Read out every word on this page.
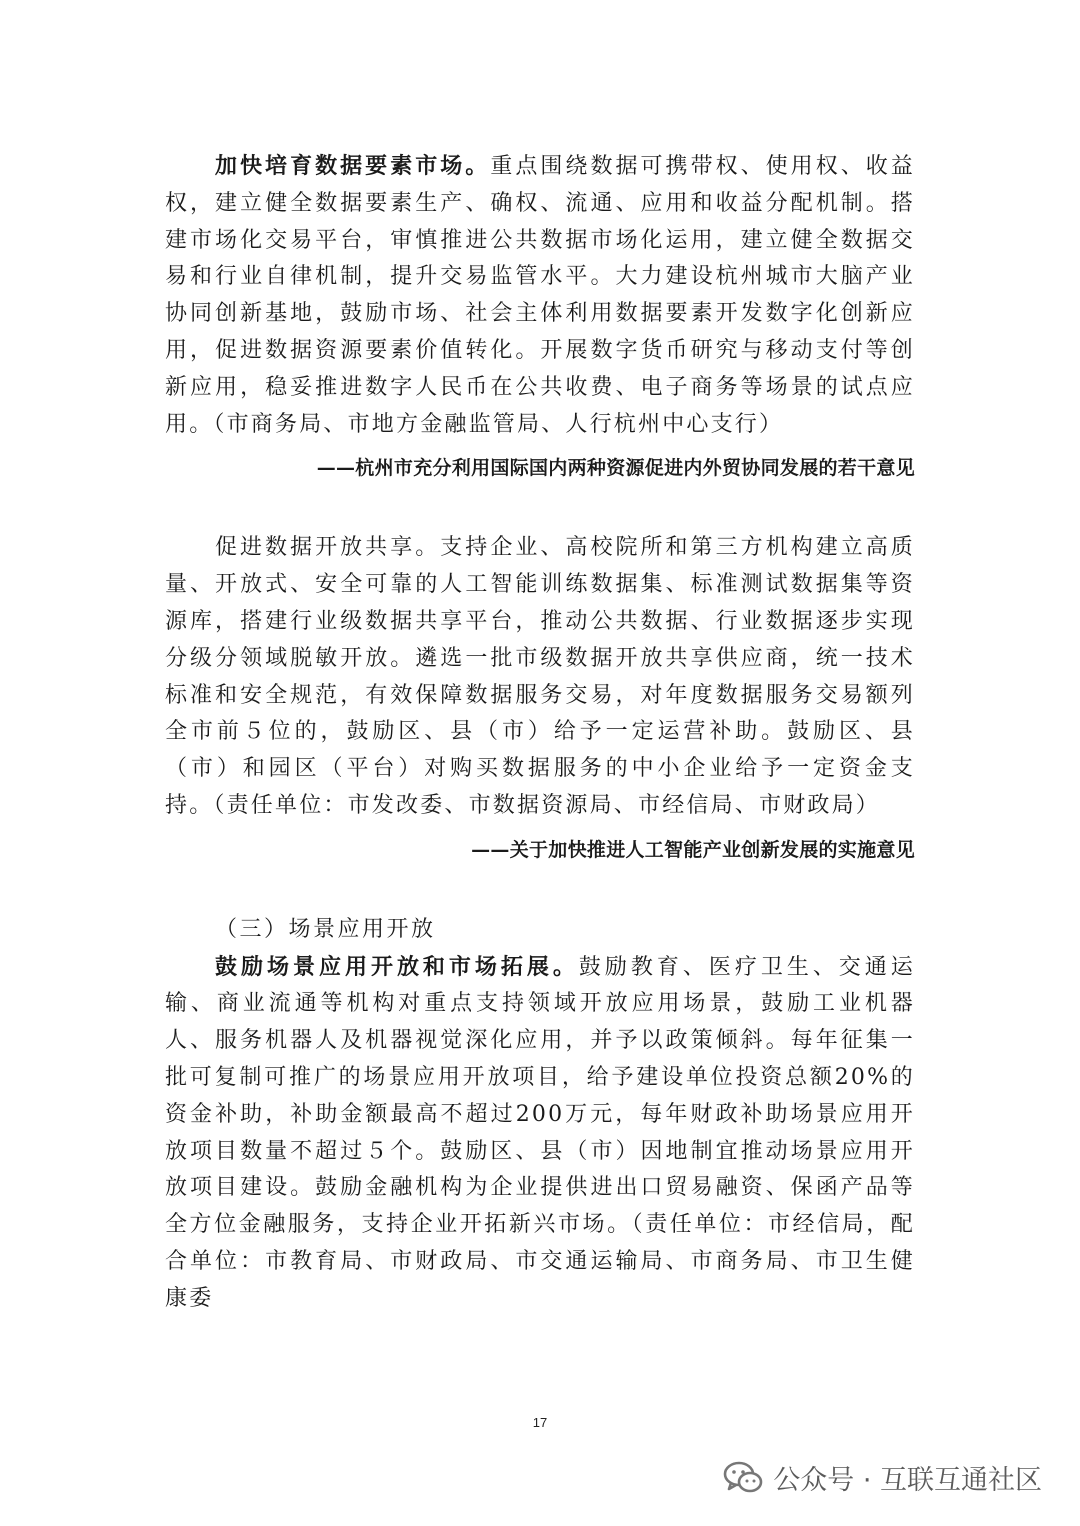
加快培育数据要素市场。重点围绕数据可携带权、使用权、收益权，建立健全数据要素生产、确权、流通、应用和收益分配机制。搭建市场化交易平台，审慎推进公共数据市场化运用，建立健全数据交易和行业自律机制，提升交易监管水平。大力建设杭州城市大脑产业协同创新基地，鼓励市场、社会主体利用数据要素开发数字化创新应用，促进数据资源要素价值转化。开展数字货币研究与移动支付等创新应用，稳妥推进数字人民币在公共收费、电子商务等场景的试点应用。（市商务局、市地方金融监管局、人行杭州中心支行）

——杭州市充分利用国际国内两种资源促进内外贸协同发展的若干意见

促进数据开放共享。支持企业、高校院所和第三方机构建立高质量、开放式、安全可靠的人工智能训练数据集、标准测试数据集等资源库，搭建行业级数据共享平台，推动公共数据、行业数据逐步实现分级分领域脱敏开放。遴选一批市级数据开放共享供应商，统一技术标准和安全规范，有效保障数据服务交易，对年度数据服务交易额列全市前５位的，鼓励区、县（市）给予一定运营补助。鼓励区、县（市）和园区（平台）对购买数据服务的中小企业给予一定资金支持。（责任单位：市发改委、市数据资源局、市经信局、市财政局）

——关于加快推进人工智能产业创新发展的实施意见

（三）场景应用开放

鼓励场景应用开放和市场拓展。鼓励教育、医疗卫生、交通运输、商业流通等机构对重点支持领域开放应用场景，鼓励工业机器人、服务机器人及机器视觉深化应用，并予以政策倾斜。每年征集一批可复制可推广的场景应用开放项目，给予建设单位投资总额20%的资金补助，补助金额最高不超过200万元，每年财政补助场景应用开放项目数量不超过５个。鼓励区、县（市）因地制宜推动场景应用开放项目建设。鼓励金融机构为企业提供进出口贸易融资、保函产品等全方位金融服务，支持企业开拓新兴市场。（责任单位：市经信局，配合单位：市教育局、市财政局、市交通运输局、市商务局、市卫生健康委

17
公众号 · 互联互通社区
